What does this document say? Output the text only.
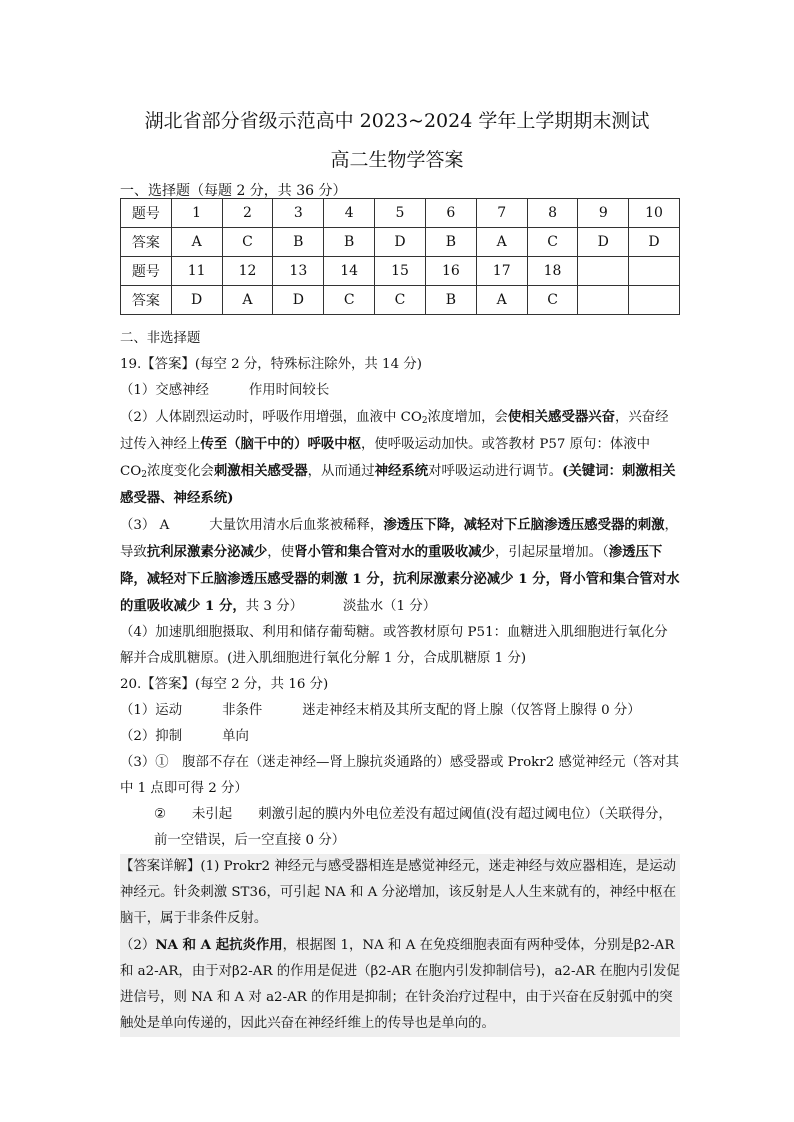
湖北省部分省级示范高中 2023~2024 学年上学期期末测试
高二生物学答案
一、选择题（每题 2 分，共 36 分）
题号	1	2	3	4	5	6	7	8	9	10
答案	A	C	B	B	D	B	A	C	D	D
题号	11	12	13	14	15	16	17	18		
答案	D	A	D	C	C	B	A	C		

二、非选择题

19.【答案】(每空 2 分，特殊标注除外，共 14 分)

（1）交感神经	作用时间较长

（2）人体剧烈运动时，呼吸作用增强，血液中 $CO_2$浓度增加，会使相关感受器兴奋，兴奋经过传入神经上传至（脑干中的）呼吸中枢，使呼吸运动加快。或答教材 P57 原句：体液中 $CO_2$浓度变化会刺激相关感受器，从而通过神经系统对呼吸运动进行调节。(关键词：刺激相关感受器、神经系统)

（3） A	大量饮用清水后血浆被稀释，渗透压下降，减轻对下丘脑渗透压感受器的刺激，导致抗利尿激素分泌减少，使肾小管和集合管对水的重吸收减少，引起尿量增加。（渗透压下降，减轻对下丘脑渗透压感受器的刺激 1 分，抗利尿激素分泌减少 1 分，肾小管和集合管对水的重吸收减少 1 分，共 3 分）	淡盐水（1 分）

（4）加速肌细胞摄取、利用和储存葡萄糖。或答教材原句 P51：血糖进入肌细胞进行氧化分解并合成肌糖原。(进入肌细胞进行氧化分解 1 分，合成肌糖原 1 分)

20.【答案】(每空 2 分，共 16 分)

（1）运动	非条件	迷走神经末梢及其所支配的肾上腺（仅答肾上腺得 0 分）

（2）抑制	单向

（3）①　腹部不存在（迷走神经—肾上腺抗炎通路的）感受器或 Prokr2 感觉神经元（答对其中 1 点即可得 2 分）

② 未引起 刺激引起的膜内外电位差没有超过阈值(没有超过阈电位）（关联得分，前一空错误，后一空直接 0 分）

【答案详解】(1) Prokr2 神经元与感受器相连是感觉神经元，迷走神经与效应器相连，是运动神经元。针灸刺激 ST36，可引起 NA 和 A 分泌增加，该反射是人人生来就有的，神经中枢在脑干，属于非条件反射。

（2）NA 和 A 起抗炎作用，根据图 1，NA 和 A 在免疫细胞表面有两种受体，分别是β2-AR 和 a2-AR，由于对β2-AR 的作用是促进（β2-AR 在胞内引发抑制信号)，a2-AR 在胞内引发促进信号，则 NA 和 A 对 a2-AR 的作用是抑制；在针灸治疗过程中，由于兴奋在反射弧中的突触处是单向传递的，因此兴奋在神经纤维上的传导也是单向的。
